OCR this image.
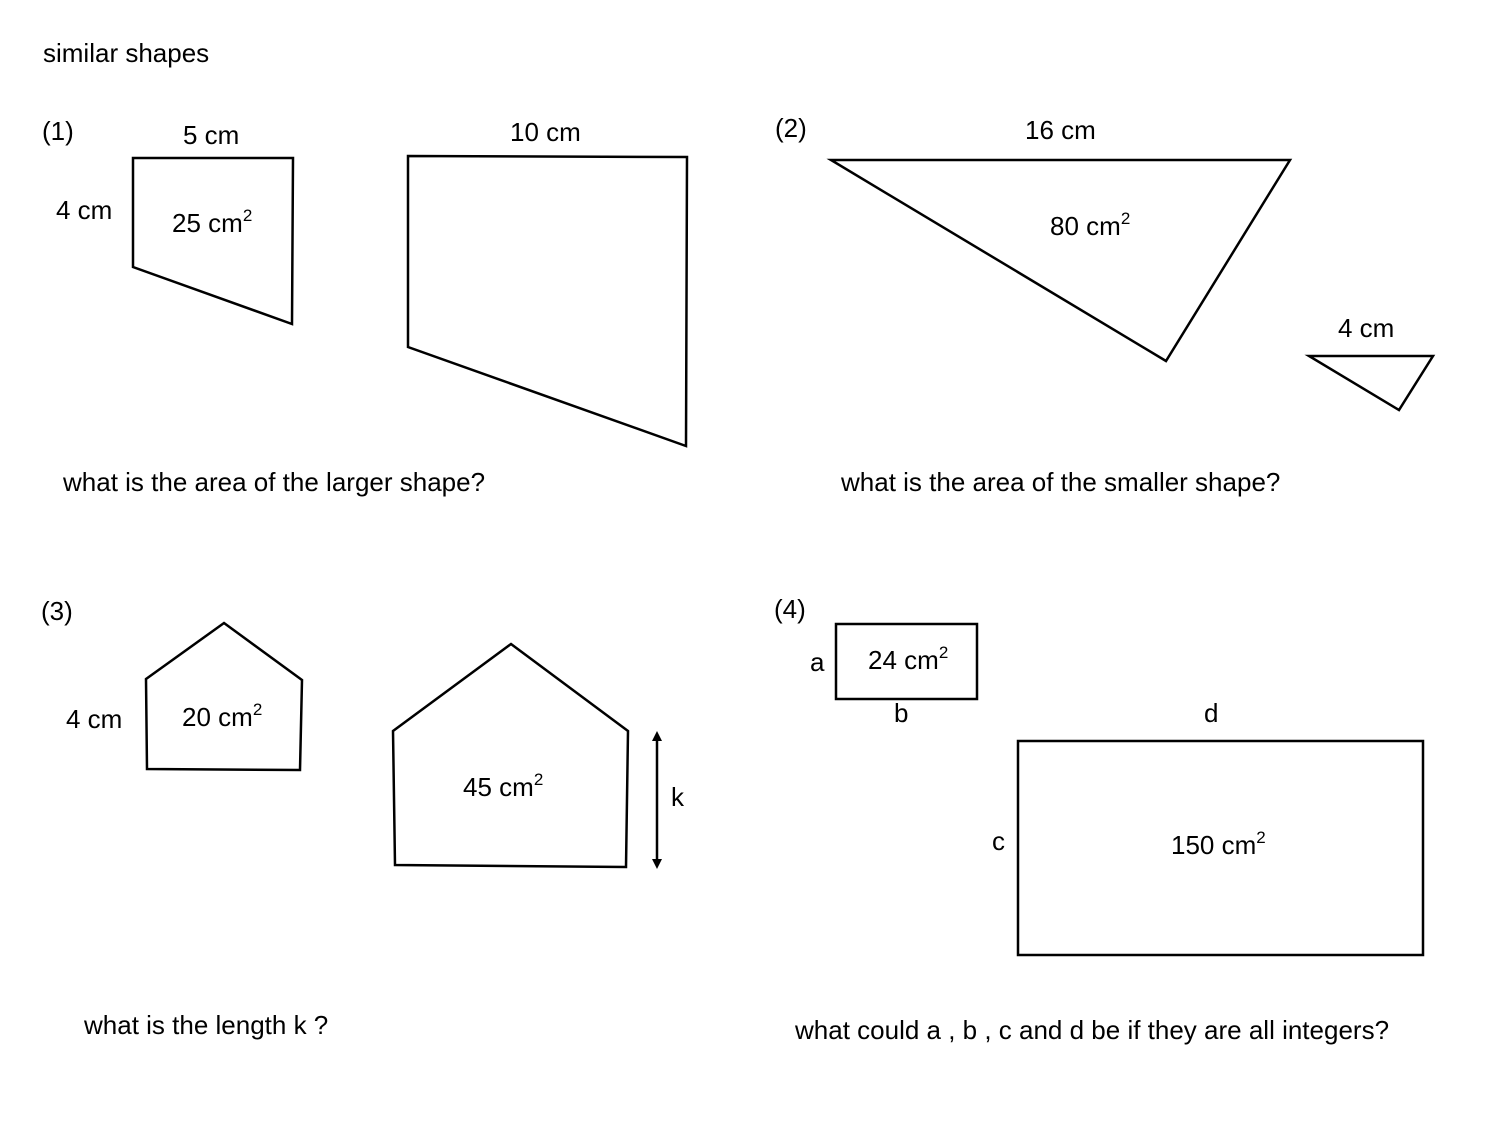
similar shapes
(1)	5 cm
4 cm 25 $cm^2$
10 cm
what is the area of the larger shape?
(2)	16 cm
80 $cm^2$
4 cm
what is the area of the smaller shape?
(3)
4 cm 20 $cm^2$
45 $cm^2$
k
what is the length k ?
(4)
a 24 $cm^2$
b	d
c	150 $cm^2$
what could a , b , c and d be if they are all integers?
